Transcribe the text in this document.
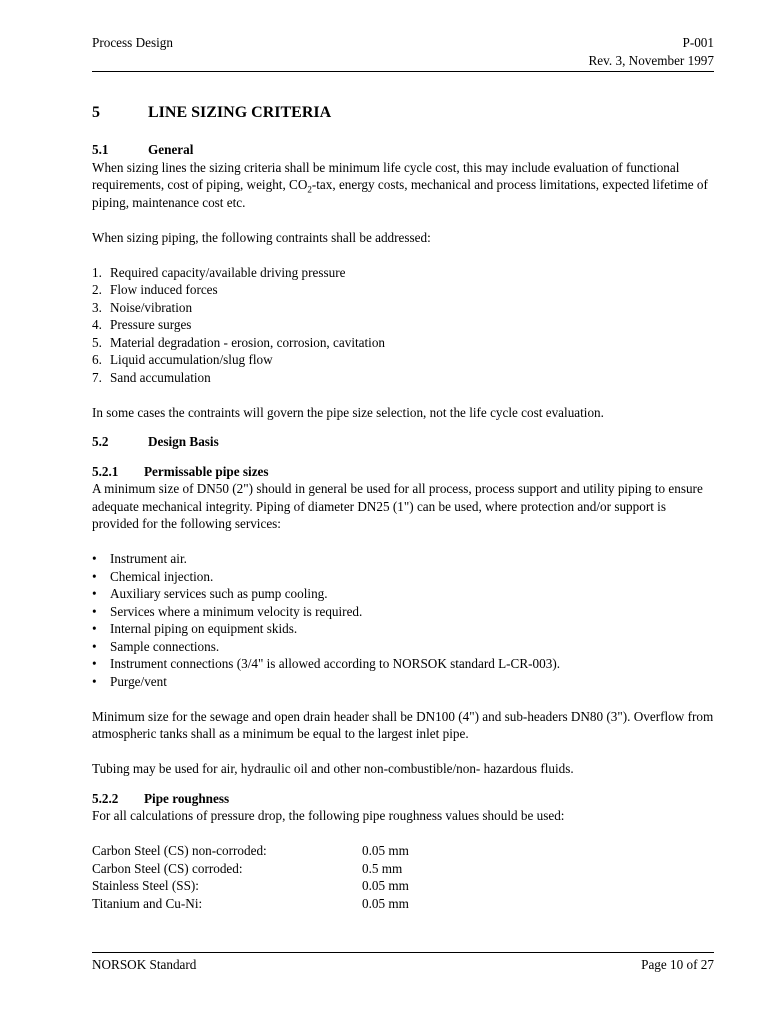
Process Design	P-001
Rev. 3, November 1997
5	LINE SIZING CRITERIA
5.1	General

When sizing lines the sizing criteria shall be minimum life cycle cost, this may include evaluation of functional requirements, cost of piping, weight, $CO_2$-tax, energy costs, mechanical and process limitations, expected lifetime of piping, maintenance cost etc.

When sizing piping, the following contraints shall be addressed:

1. Required capacity/available driving pressure
2. Flow induced forces
3. Noise/vibration
4. Pressure surges
5. Material degradation - erosion, corrosion, cavitation
6. Liquid accumulation/slug flow
7. Sand accumulation

In some cases the contraints will govern the pipe size selection, not the life cycle cost evaluation.

5.2	Design Basis
5.2.1 Permissable pipe sizes

A minimum size of DN50 (2") should in general be used for all process, process support and utility piping to ensure adequate mechanical integrity. Piping of diameter DN25 (1") can be used, where protection and/or support is provided for the following services:

• Instrument air.
• Chemical injection.
• Auxiliary services such as pump cooling.
• Services where a minimum velocity is required.
• Internal piping on equipment skids.
• Sample connections.
• Instrument connections (3/4" is allowed according to NORSOK standard L-CR-003).
• Purge/vent

Minimum size for the sewage and open drain header shall be DN100 (4") and sub-headers DN80 (3"). Overflow from atmospheric tanks shall as a minimum be equal to the largest inlet pipe.

Tubing may be used for air, hydraulic oil and other non-combustible/non- hazardous fluids.

5.2.2 Pipe roughness

For all calculations of pressure drop, the following pipe roughness values should be used:

Carbon Steel (CS) non-corroded:	0.05 mm
Carbon Steel (CS) corroded:	0.5 mm
Stainless Steel (SS):	0.05 mm
Titanium and Cu-Ni:	0.05 mm
NORSOK Standard	Page 10 of 27
